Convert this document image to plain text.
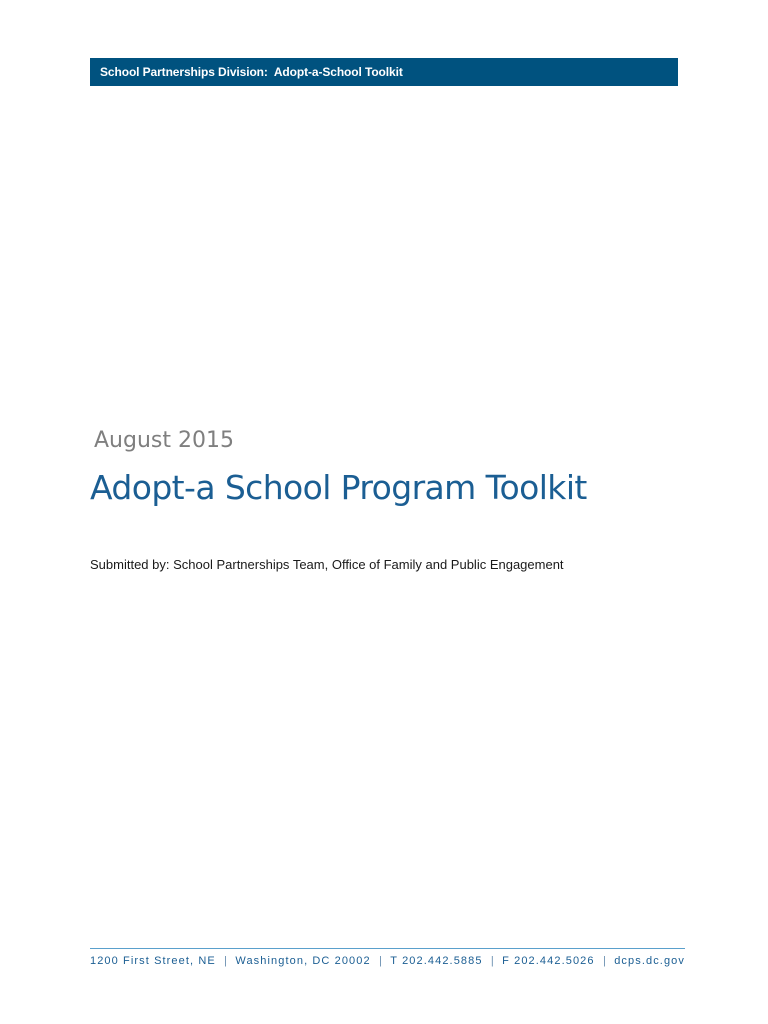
School Partnerships Division:  Adopt-a-School Toolkit
August 2015
Adopt-a School Program Toolkit
Submitted by: School Partnerships Team, Office of Family and Public Engagement
1200 First Street, NE | Washington, DC 20002 | T 202.442.5885 | F 202.442.5026 | dcps.dc.gov
